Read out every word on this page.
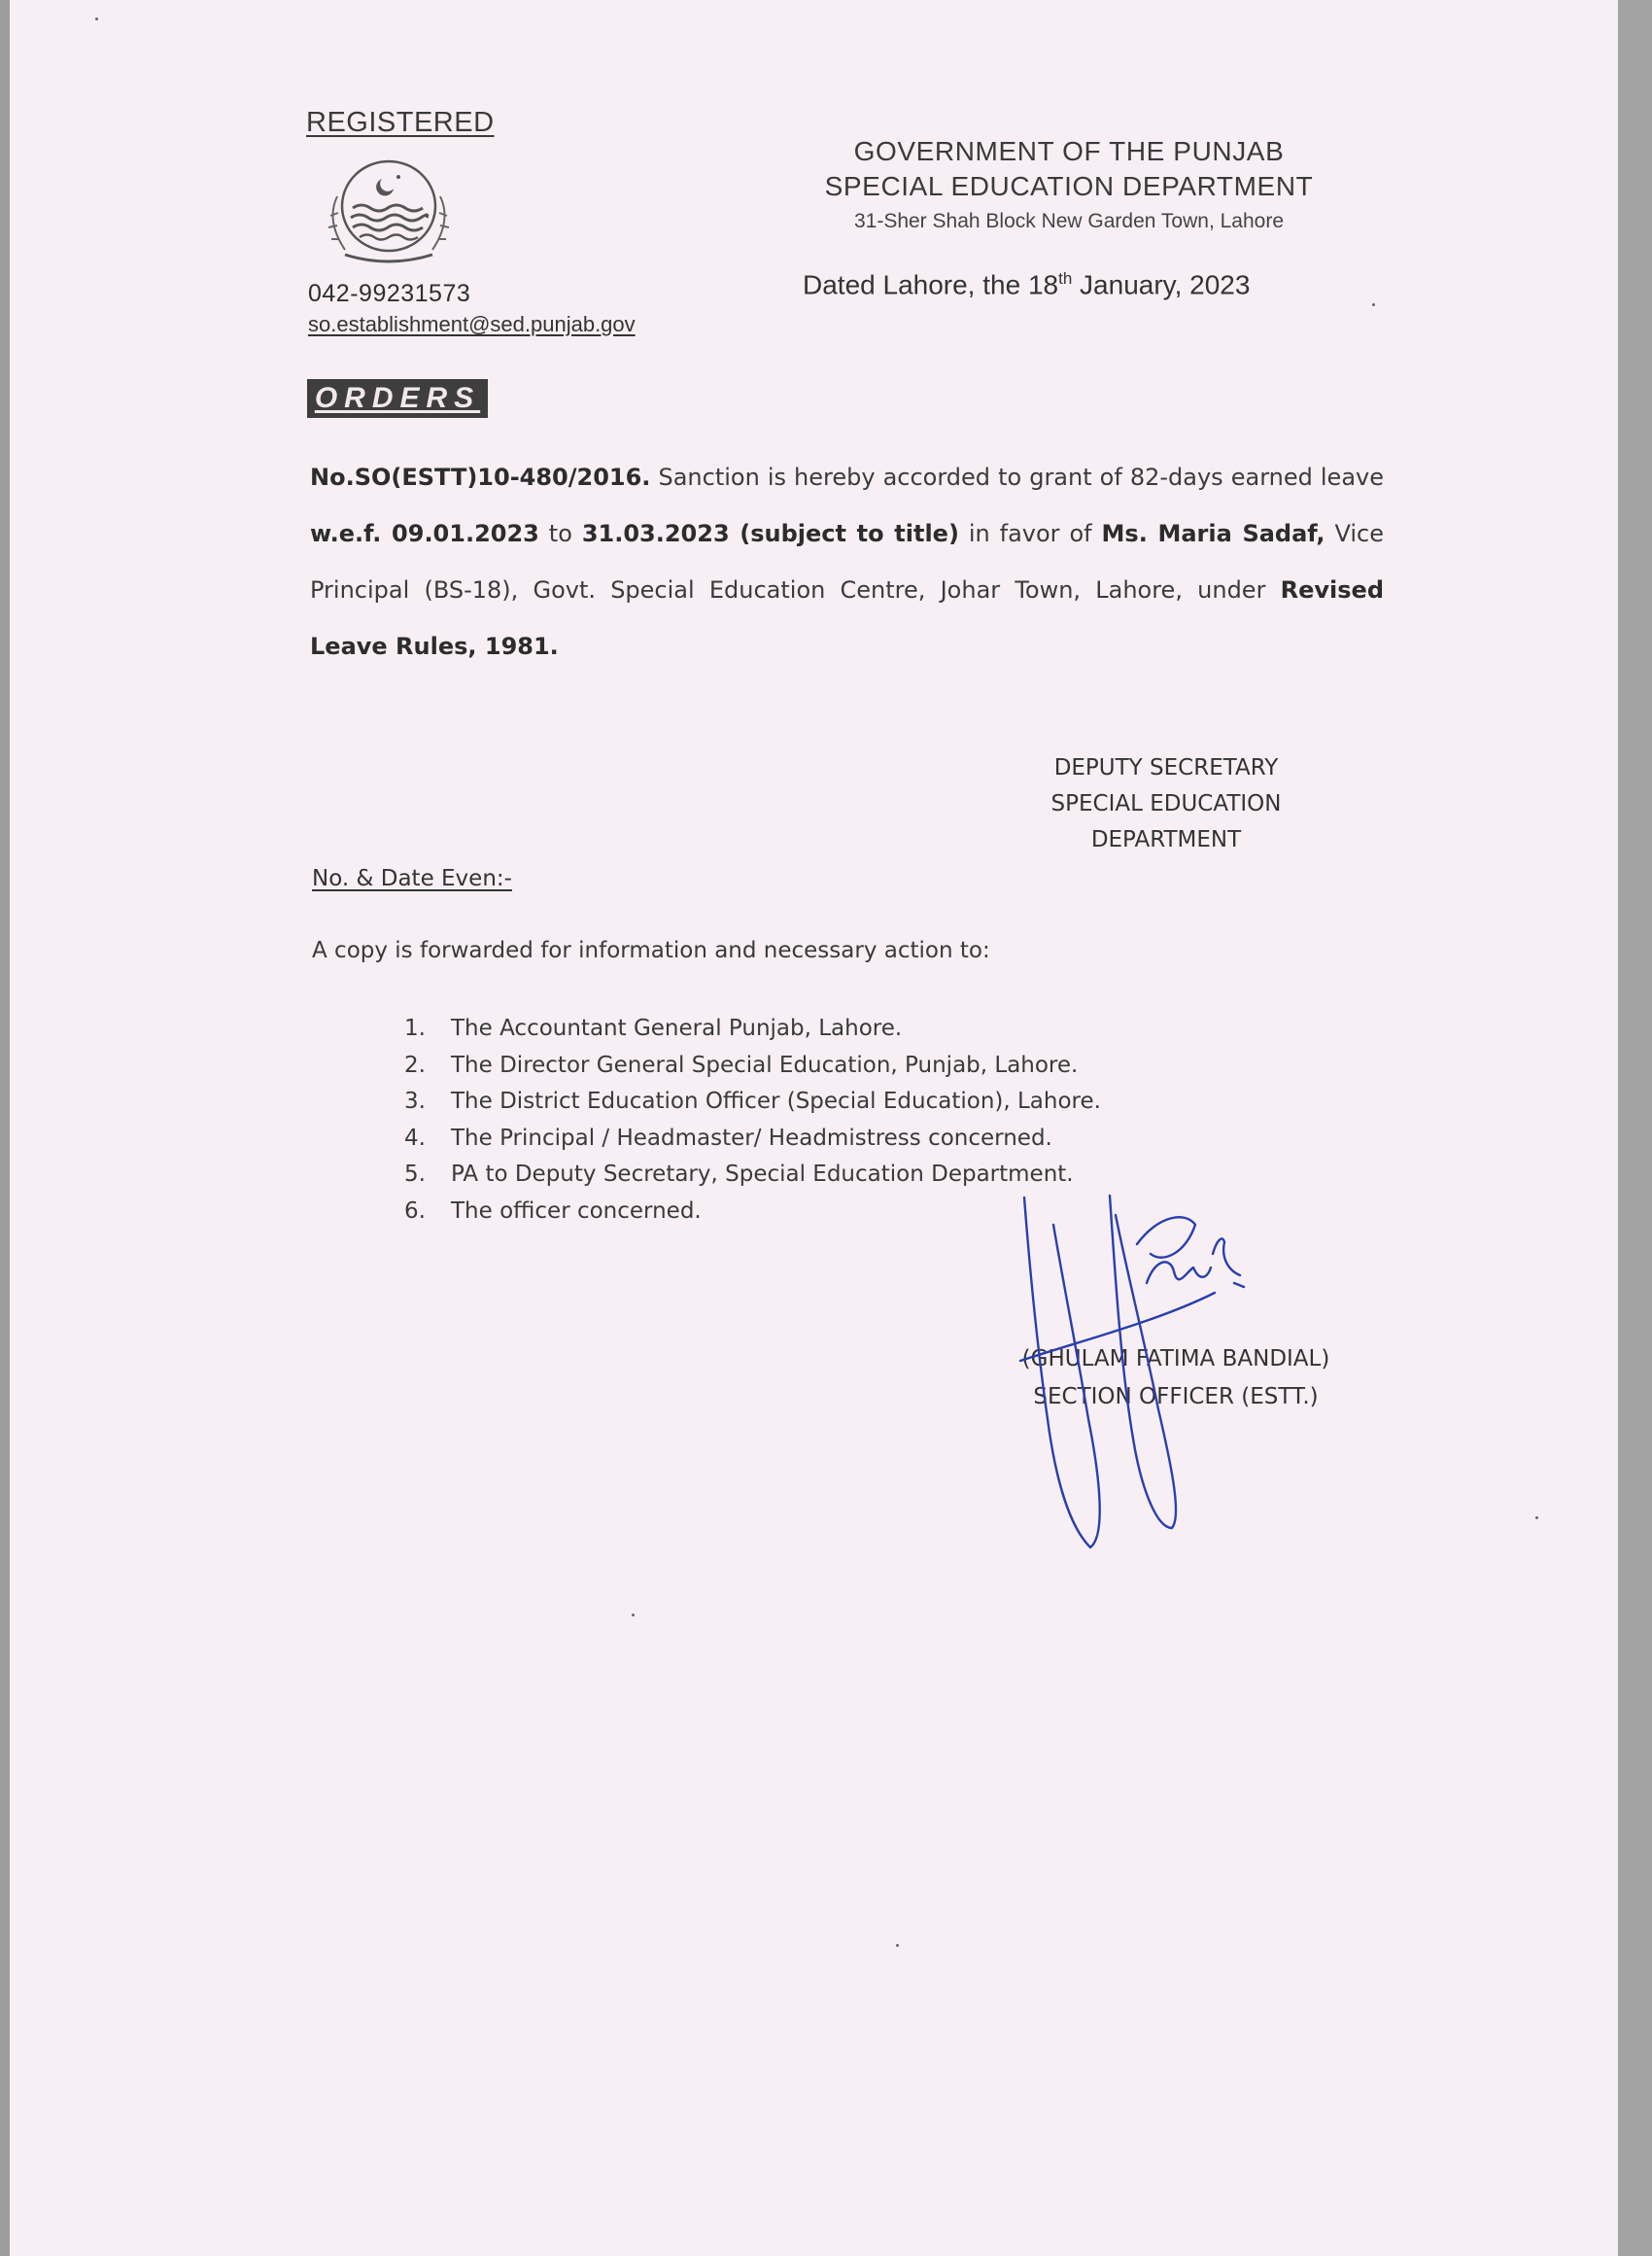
REGISTERED
042-99231573
so.establishment@sed.punjab.gov
GOVERNMENT OF THE PUNJAB
SPECIAL EDUCATION DEPARTMENT
31-Sher Shah Block New Garden Town, Lahore
Dated Lahore, the 18th January, 2023
ORDERS
No.SO(ESTT)10-480/2016. Sanction is hereby accorded to grant of 82-days earned leave w.e.f. 09.01.2023 to 31.03.2023 (subject to title) in favor of Ms. Maria Sadaf, Vice Principal (BS-18), Govt. Special Education Centre, Johar Town, Lahore, under Revised Leave Rules, 1981.
DEPUTY SECRETARY
SPECIAL EDUCATION
DEPARTMENT
No. & Date Even:-
A copy is forwarded for information and necessary action to:
1.	The Accountant General Punjab, Lahore.
2.	The Director General Special Education, Punjab, Lahore.
3.	The District Education Officer (Special Education), Lahore.
4.	The Principal / Headmaster/ Headmistress concerned.
5.	PA to Deputy Secretary, Special Education Department.
6.	The officer concerned.
(GHULAM FATIMA BANDIAL)
SECTION OFFICER (ESTT.)
